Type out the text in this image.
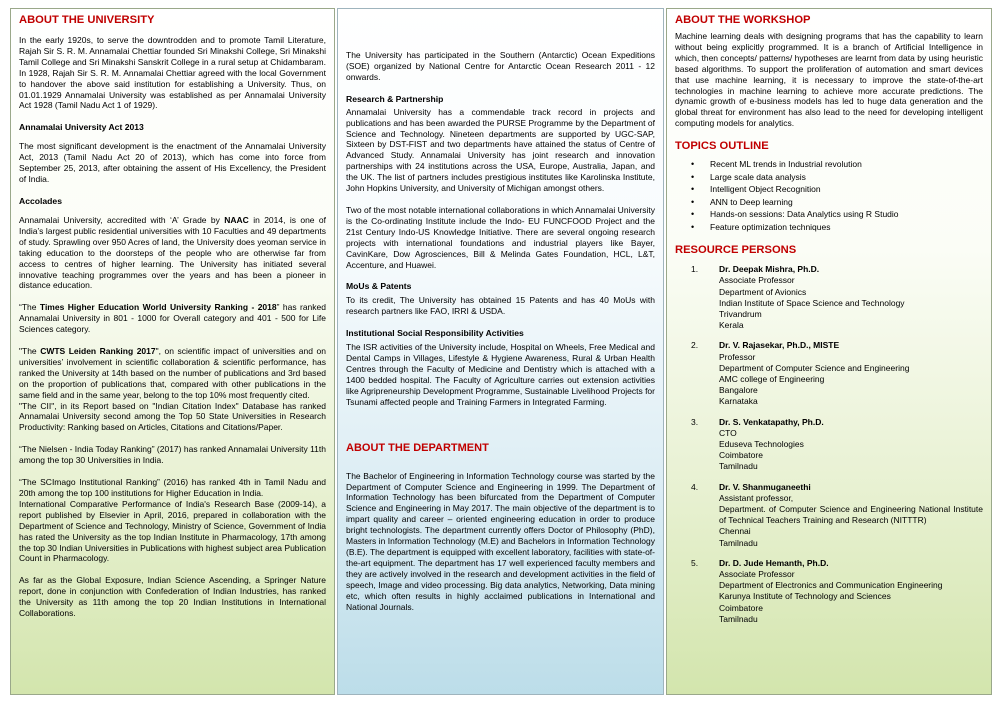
ABOUT THE UNIVERSITY

In the early 1920s, to serve the downtrodden and to promote Tamil Literature, Rajah Sir S. R. M. Annamalai Chettiar founded Sri Minakshi College, Sri Minakshi Tamil College and Sri Minakshi Sanskrit College in a rural setup at Chidambaram. In 1928, Rajah Sir S. R. M. Annamalai Chettiar agreed with the local Government to handover the above said institution for establishing a University. Thus, on 01.01.1929 Annamalai University was established as per Annamalai University Act 1928 (Tamil Nadu Act 1 of 1929).

Annamalai University Act 2013

The most significant development is the enactment of the Annamalai University Act, 2013 (Tamil Nadu Act 20 of 2013), which has come into force from September 25, 2013, after obtaining the assent of His Excellency, the President of India.

Accolades

Annamalai University, accredited with ‘A’ Grade by NAAC in 2014, is one of India’s largest public residential universities with 10 Faculties and 49 departments of study. Sprawling over 950 Acres of land, the University does yeoman service in taking education to the doorsteps of the people who are otherwise far from access to centres of higher learning. The University has initiated several innovative teaching programmes over the years and has been a pioneer in distance education.

“The Times Higher Education World University Ranking - 2018” has ranked Annamalai University in 801 - 1000 for Overall category and 401 - 500 for Life Sciences category.

"The CWTS Leiden Ranking 2017", on scientific impact of universities and on universities’ involvement in scientific collaboration & scientific performance, has ranked the University at 14th based on the number of publications and 3rd based on the proportion of publications that, compared with other publications in the same field and in the same year, belong to the top 10% most frequently cited.

"The CII", in its Report based on "Indian Citation Index" Database has ranked Annamalai University second among the Top 50 State Universities in Research Productivity: Ranking based on Articles, Citations and Citations/Paper.

“The Nielsen - India Today Ranking” (2017) has ranked Annamalai University 11th among the top 30 Universities in India.

“The SCImago Institutional Ranking” (2016) has ranked 4th in Tamil Nadu and 20th among the top 100 institutions for Higher Education in India.

International Comparative Performance of India's Research Base (2009-14), a report published by Elsevier in April, 2016, prepared in collaboration with the Department of Science and Technology, Ministry of Science, Government of India has rated the University as the top Indian Institute in Pharmacology, 17th among the top 30 Indian Universities in Publications with highest subject area Publication Count in Pharmacology.

As far as the Global Exposure, Indian Science Ascending, a Springer Nature report, done in conjunction with Confederation of Indian Industries, has ranked the University as 11th among the top 20 Indian Institutions in International Collaborations.

The University has participated in the Southern (Antarctic) Ocean Expeditions (SOE) organized by National Centre for Antarctic Ocean Research 2011 - 12 onwards.

Research & Partnership

Annamalai University has a commendable track record in projects and publications and has been awarded the PURSE Programme by the Department of Science and Technology. Nineteen departments are supported by UGC-SAP, Sixteen by DST-FIST and two departments have attained the status of Centre of Advanced Study. Annamalai University has joint research and innovation partnerships with 24 institutions across the USA, Europe, Australia, Japan, and the UK. The list of partners includes prestigious institutes like Karolinska Institute, John Hopkins University, and University of Michigan amongst others.

Two of the most notable international collaborations in which Annamalai University is the Co-ordinating Institute include the Indo- EU FUNCFOOD Project and the 21st Century Indo-US Knowledge Initiative. There are several ongoing research projects with international foundations and industrial players like Bayer, CavinKare, Dow Agrosciences, Bill & Melinda Gates Foundation, HCL, L&T, Accenture, and Huawei.

MoUs & Patents

To its credit, The University has obtained 15 Patents and has 40 MoUs with research partners like FAO, IRRI & USDA.

Institutional Social Responsibility Activities

The ISR activities of the University include, Hospital on Wheels, Free Medical and Dental Camps in Villages, Lifestyle & Hygiene Awareness, Rural & Urban Health Centres through the Faculty of Medicine and Dentistry which is attached with a 1400 bedded hospital. The Faculty of Agriculture carries out extension activities like Agripreneurship Development Programme, Sustainable Livelihood Projects for Tsunami affected people and Training Farmers in Integrated Farming.

ABOUT THE DEPARTMENT

The Bachelor of Engineering in Information Technology course was started by the Department of Computer Science and Engineering in 1999. The Department of Information Technology has been bifurcated from the Department of Computer Science and Engineering in May 2017. The main objective of the department is to impart quality and career – oriented engineering education in order to produce bright technologists. The department currently offers Doctor of Philosophy (PhD), Masters in Information Technology (M.E) and Bachelors in Information Technology (B.E). The department is equipped with excellent laboratory, facilities with state-of-the-art equipment. The department has 17 well experienced faculty members and they are actively involved in the research and development activities in the field of speech, Image and video processing. Big data analytics, Networking, Data mining etc, which often results in highly acclaimed publications in International and National Journals.

ABOUT THE WORKSHOP

Machine learning deals with designing programs that has the capability to learn without being explicitly programmed. It is a branch of Artificial Intelligence in which, then concepts/ patterns/ hypotheses are learnt from data by using heuristic based algorithms. To support the proliferation of automation and smart devices that use machine learning, it is necessary to improve the state-of-the-art technologies in machine learning to achieve more accurate predictions. The dynamic growth of e-business models has led to huge data generation and the global threat for environment has also lead to the need for developing intelligent computing models for analytics.

TOPICS OUTLINE

• Recent ML trends in Industrial revolution
• Large scale data analysis
• Intelligent Object Recognition
• ANN to Deep learning
• Hands-on sessions: Data Analytics using R Studio
• Feature optimization techniques

RESOURCE PERSONS

1. Dr. Deepak Mishra, Ph.D.
Associate Professor
Department of Avionics
Indian Institute of Space Science and Technology
Trivandrum
Kerala
2. Dr. V. Rajasekar, Ph.D., MISTE
Professor
Department of Computer Science and Engineering
AMC college of Engineering
Bangalore
Karnataka
3. Dr. S. Venkatapathy, Ph.D.
CTO
Eduseva Technologies
Coimbatore
Tamilnadu
4. Dr. V. Shanmuganeethi
Assistant professor,
Department. of Computer Science and Engineering National Institute of Technical Teachers Training and Research (NITTTR)
Chennai
Tamilnadu
5. Dr. D. Jude Hemanth, Ph.D.
Associate Professor
Department of Electronics and Communication Engineering
Karunya Institute of Technology and Sciences
Coimbatore
Tamilnadu
